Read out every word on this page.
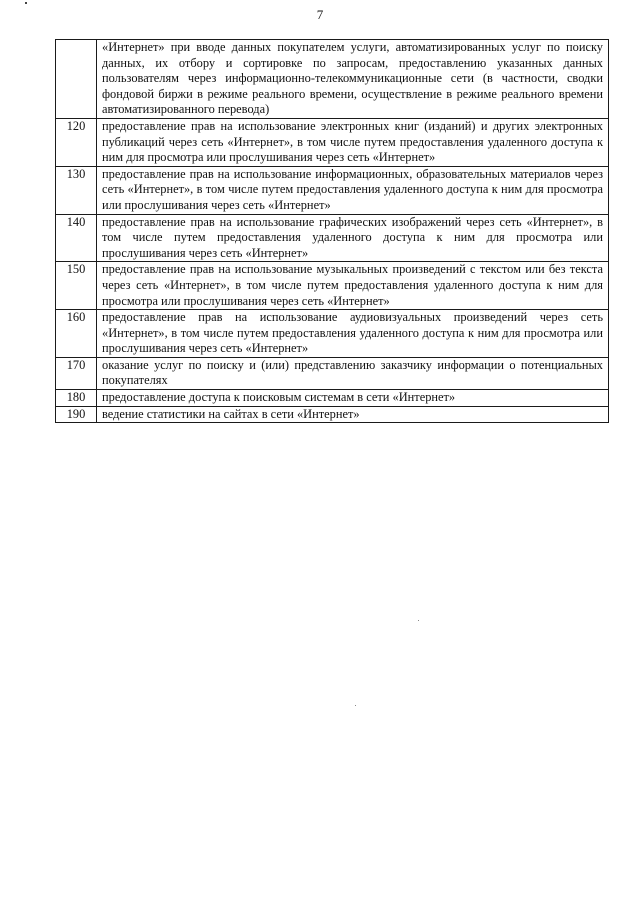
7
	«Интернет» при вводе данных покупателем услуги, автоматизированных услуг по поиску данных, их отбору и сортировке по запросам, предоставлению указанных данных пользователям через информационно-телекоммуникационные сети (в частности, сводки фондовой биржи в режиме реального времени, осуществление в режиме реального времени автоматизированного перевода)
120	предоставление прав на использование электронных книг (изданий) и других электронных публикаций через сеть «Интернет», в том числе путем предоставления удаленного доступа к ним для просмотра или прослушивания через сеть «Интернет»
130	предоставление прав на использование информационных, образовательных материалов через сеть «Интернет», в том числе путем предоставления удаленного доступа к ним для просмотра или прослушивания через сеть «Интернет»
140	предоставление прав на использование графических изображений через сеть «Интернет», в том числе путем предоставления удаленного доступа к ним для просмотра или прослушивания через сеть «Интернет»
150	предоставление прав на использование музыкальных произведений с текстом или без текста через сеть «Интернет», в том числе путем предоставления удаленного доступа к ним для просмотра или прослушивания через сеть «Интернет»
160	предоставление прав на использование аудиовизуальных произведений через сеть «Интернет», в том числе путем предоставления удаленного доступа к ним для просмотра или прослушивания через сеть «Интернет»
170	оказание услуг по поиску и (или) представлению заказчику информации о потенциальных покупателях
180	предоставление доступа к поисковым системам в сети «Интернет»
190	ведение статистики на сайтах в сети «Интернет»
